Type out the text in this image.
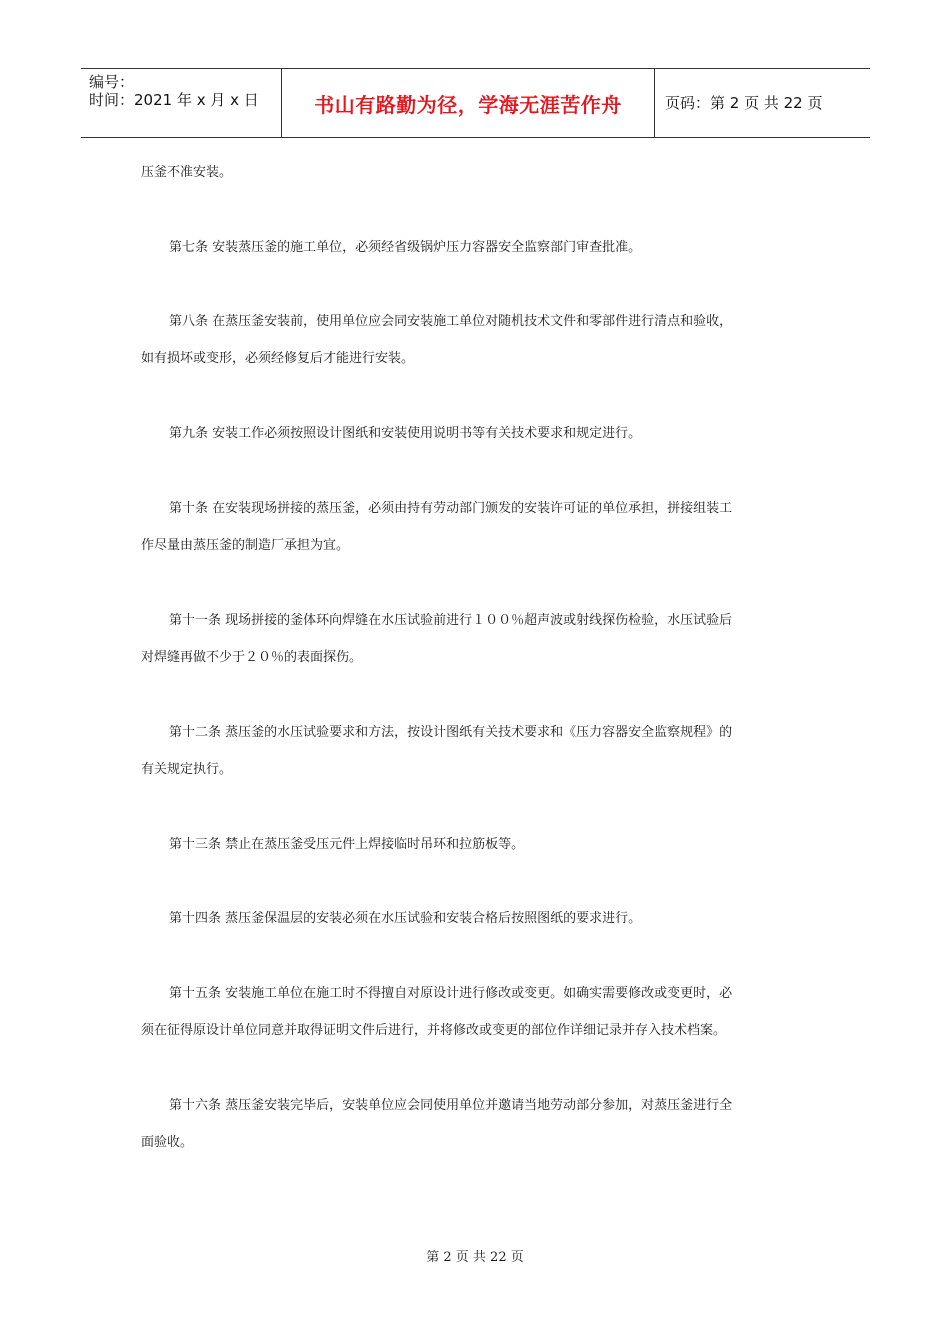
编号：
时间：2021 年 x 月 x 日	书山有路勤为径，学海无涯苦作舟	页码：第 2 页 共 22 页

压釜不准安装。

第七条 安装蒸压釜的施工单位，必须经省级锅炉压力容器安全监察部门审查批准。

第八条 在蒸压釜安装前，使用单位应会同安装施工单位对随机技术文件和零部件进行清点和验收，

如有损坏或变形，必须经修复后才能进行安装。

第九条 安装工作必须按照设计图纸和安装使用说明书等有关技术要求和规定进行。

第十条 在安装现场拼接的蒸压釜，必须由持有劳动部门颁发的安装许可证的单位承担，拼接组装工

作尽量由蒸压釜的制造厂承担为宜。

第十一条 现场拼接的釜体环向焊缝在水压试验前进行１００％超声波或射线探伤检验，水压试验后

对焊缝再做不少于２０％的表面探伤。

第十二条 蒸压釜的水压试验要求和方法，按设计图纸有关技术要求和《压力容器安全监察规程》的

有关规定执行。

第十三条 禁止在蒸压釜受压元件上焊接临时吊环和拉筋板等。

第十四条 蒸压釜保温层的安装必须在水压试验和安装合格后按照图纸的要求进行。

第十五条 安装施工单位在施工时不得擅自对原设计进行修改或变更。如确实需要修改或变更时，必

须在征得原设计单位同意并取得证明文件后进行，并将修改或变更的部位作详细记录并存入技术档案。

第十六条 蒸压釜安装完毕后，安装单位应会同使用单位并邀请当地劳动部分参加，对蒸压釜进行全

面验收。

第 2 页 共 22 页
